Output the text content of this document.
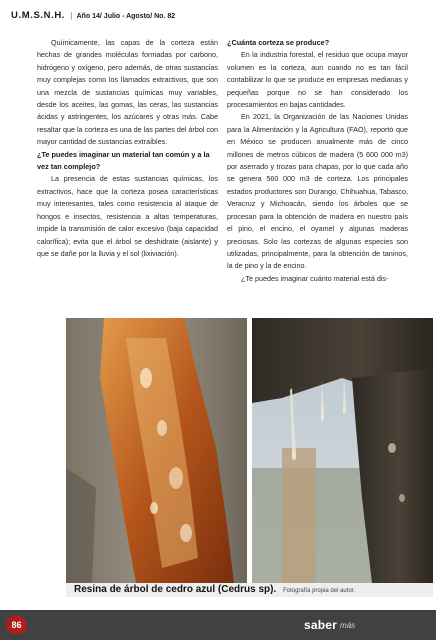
U.M.S.N.H. | Año 14/ Julio - Agosto/ No. 82

Químicamente, las capas de la corteza están hechas de grandes moléculas formadas por carbono, hidrógeno y oxígeno, pero además, de otras sustancias muy complejas como los llamados extractivos, que son una mezcla de sustancias químicas muy variables, desde los aceites, las gomas, las ceras, las sustancias ácidas y astringentes, los azúcares y otras más. Cabe resaltar que la corteza es una de las partes del árbol con mayor cantidad de sustancias extraíbles.

¿Te puedes imaginar un material tan común y a la vez tan complejo?

La presencia de estas sustancias químicas, los extractivos, hace que la corteza posea características muy interesantes, tales como resistencia al ataque de hongos e insectos, resistencia a altas temperaturas, impide la transmisión de calor excesivo (baja capacidad calorífica); evita que el árbol se deshidrate (aislante) y que se dañe por la lluvia y el sol (lixiviación).

¿Cuánta corteza se produce?

En la industria forestal, el residuo que ocupa mayor volumen es la corteza, aun cuando no es tan fácil contabilizar lo que se produce en empresas medianas y pequeñas porque no se han considerado los procesamientos en bajas cantidades.

En 2021, la Organización de las Naciones Unidas para la Alimentación y la Agricultura (FAO), reportó que en México se producen anualmente más de cinco millones de metros cúbicos de madera (5 600 000 m3) por aserrado y trozas para chapas, por lo que cada año se genera 560 000 m3 de corteza. Los principales estados productores son Durango, Chihuahua, Tabasco, Veracruz y Michoacán, siendo los árboles que se procesan para la obtención de madera en nuestro país el pino, el encino, el oyamel y algunas maderas preciosas. Solo las cortezas de algunas especies son utilizadas, principalmente, para la obtención de taninos, la de pino y la de encino.

¿Te puedes imaginar cuánto material está dis-

Resina de árbol de cedro azul (Cedrus sp). Fotografía propia del autor.
86	saber más
